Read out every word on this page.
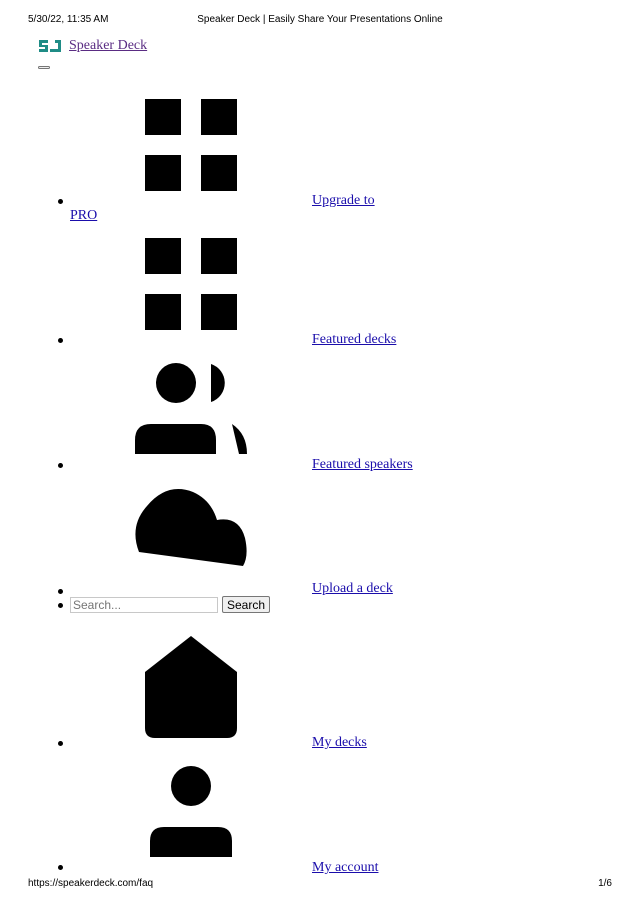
5/30/22, 11:35 AM	Speaker Deck | Easily Share Your Presentations Online
Speaker Deck
Upgrade to
PRO
Featured decks
Featured speakers
Upload a deck
My decks
My account
Search...
Search
https://speakerdeck.com/faq	1/6
